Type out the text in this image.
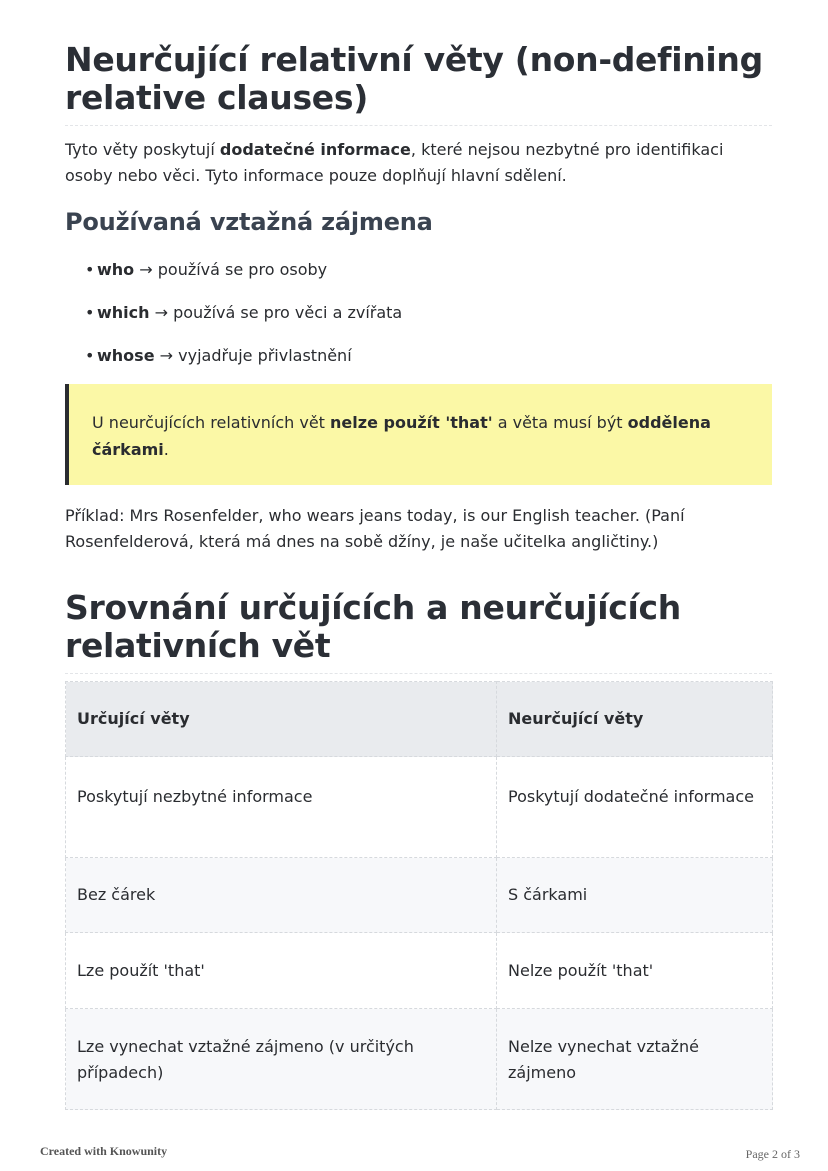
Neurčující relativní věty (non-defining relative clauses)

Tyto věty poskytují dodatečné informace, které nejsou nezbytné pro identifikaci osoby nebo věci. Tyto informace pouze doplňují hlavní sdělení.

Používaná vztažná zájmena
• who → používá se pro osoby
• which → používá se pro věci a zvířata
• whose → vyjadřuje přivlastnění
U neurčujících relativních vět nelze použít 'that' a věta musí být oddělena čárkami.

Příklad: Mrs Rosenfelder, who wears jeans today, is our English teacher. (Paní Rosenfelderová, která má dnes na sobě džíny, je naše učitelka angličtiny.)

Srovnání určujících a neurčujících relativních vět
Určující věty	Neurčující věty
Poskytují nezbytné informace	Poskytují dodatečné informace
Bez čárek	S čárkami
Lze použít 'that'	Nelze použít 'that'
Lze vynechat vztažné zájmeno (v určitých případech)	Nelze vynechat vztažné zájmeno
Created with Knowunity	Page 2 of 3
